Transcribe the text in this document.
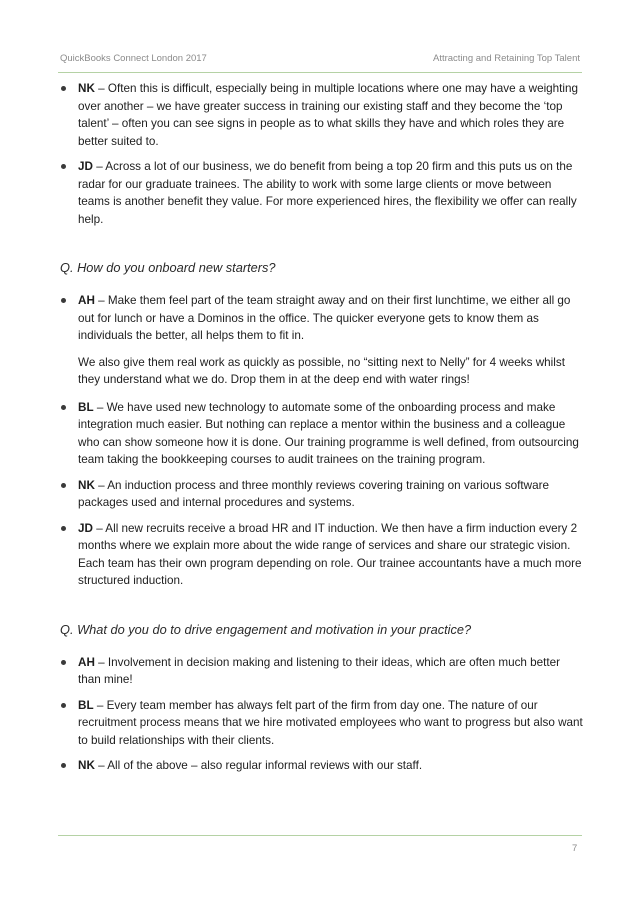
QuickBooks Connect London 2017	Attracting and Retaining Top Talent
NK – Often this is difficult, especially being in multiple locations where one may have a weighting over another – we have greater success in training our existing staff and they become the ‘top talent’ – often you can see signs in people as to what skills they have and which roles they are better suited to.
JD – Across a lot of our business, we do benefit from being a top 20 firm and this puts us on the radar for our graduate trainees. The ability to work with some large clients or move between teams is another benefit they value. For more experienced hires, the flexibility we offer can really help.
Q. How do you onboard new starters?
AH – Make them feel part of the team straight away and on their first lunchtime, we either all go out for lunch or have a Dominos in the office. The quicker everyone gets to know them as individuals the better, all helps them to fit in.
We also give them real work as quickly as possible, no “sitting next to Nelly” for 4 weeks whilst they understand what we do. Drop them in at the deep end with water rings!
BL – We have used new technology to automate some of the onboarding process and make integration much easier. But nothing can replace a mentor within the business and a colleague who can show someone how it is done. Our training programme is well defined, from outsourcing team taking the bookkeeping courses to audit trainees on the training program.
NK – An induction process and three monthly reviews covering training on various software packages used and internal procedures and systems.
JD – All new recruits receive a broad HR and IT induction. We then have a firm induction every 2 months where we explain more about the wide range of services and share our strategic vision. Each team has their own program depending on role. Our trainee accountants have a much more structured induction.
Q. What do you do to drive engagement and motivation in your practice?
AH – Involvement in decision making and listening to their ideas, which are often much better than mine!
BL – Every team member has always felt part of the firm from day one. The nature of our recruitment process means that we hire motivated employees who want to progress but also want to build relationships with their clients.
NK – All of the above – also regular informal reviews with our staff.
7
